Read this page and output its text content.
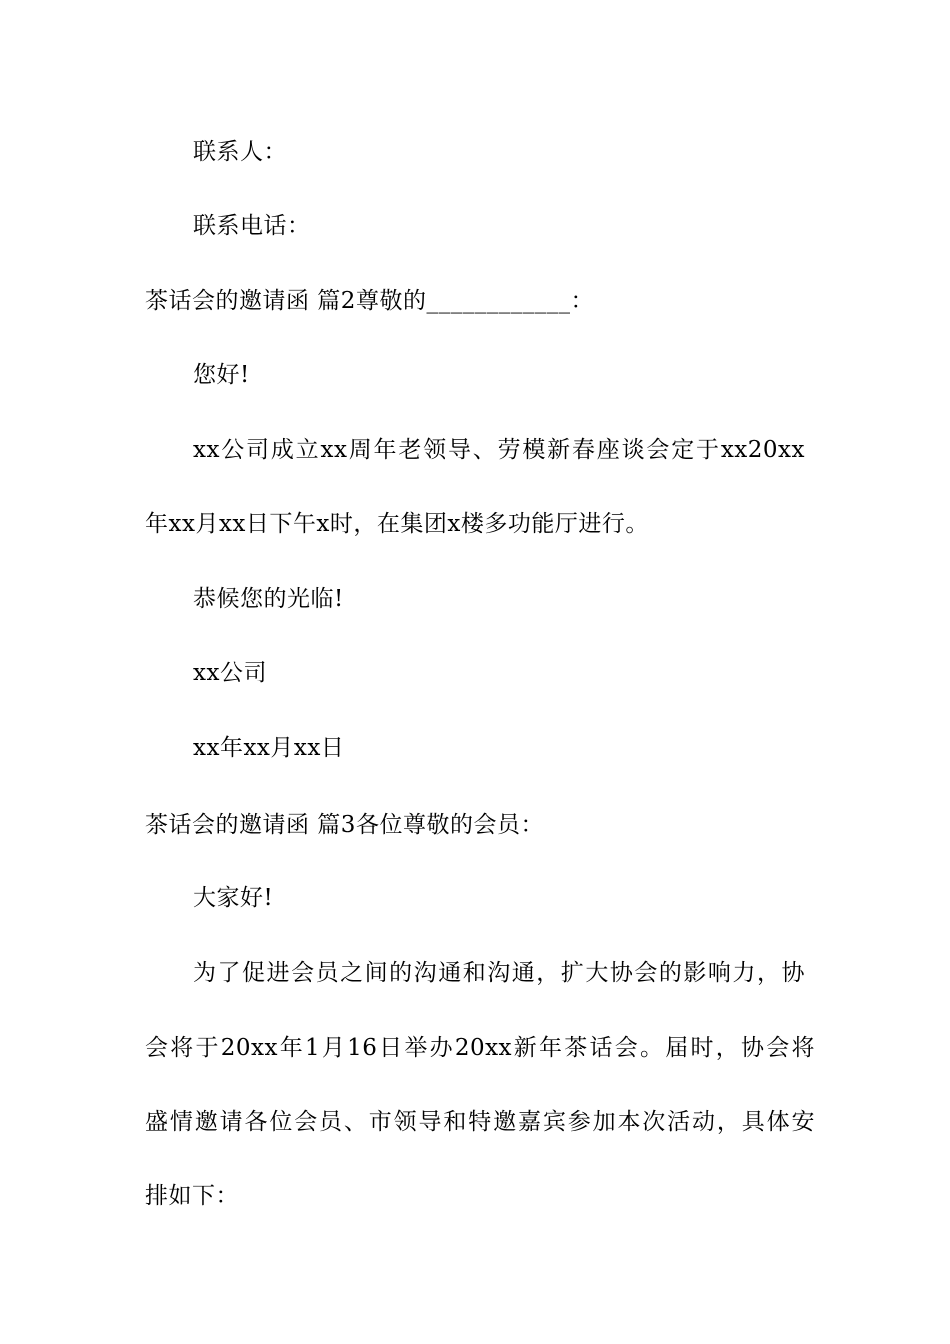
联系人：
联系电话：
茶话会的邀请函 篇2尊敬的____________：
您好!
xx公司成立xx周年老领导、劳模新春座谈会定于xx20xx
年xx月xx日下午x时，在集团x楼多功能厅进行。
恭候您的光临!
xx公司
xx年xx月xx日
茶话会的邀请函 篇3各位尊敬的会员：
大家好!
为了促进会员之间的沟通和沟通，扩大协会的影响力，协
会将于20xx年1月16日举办20xx新年茶话会。届时，协会将
盛情邀请各位会员、市领导和特邀嘉宾参加本次活动，具体安
排如下：
